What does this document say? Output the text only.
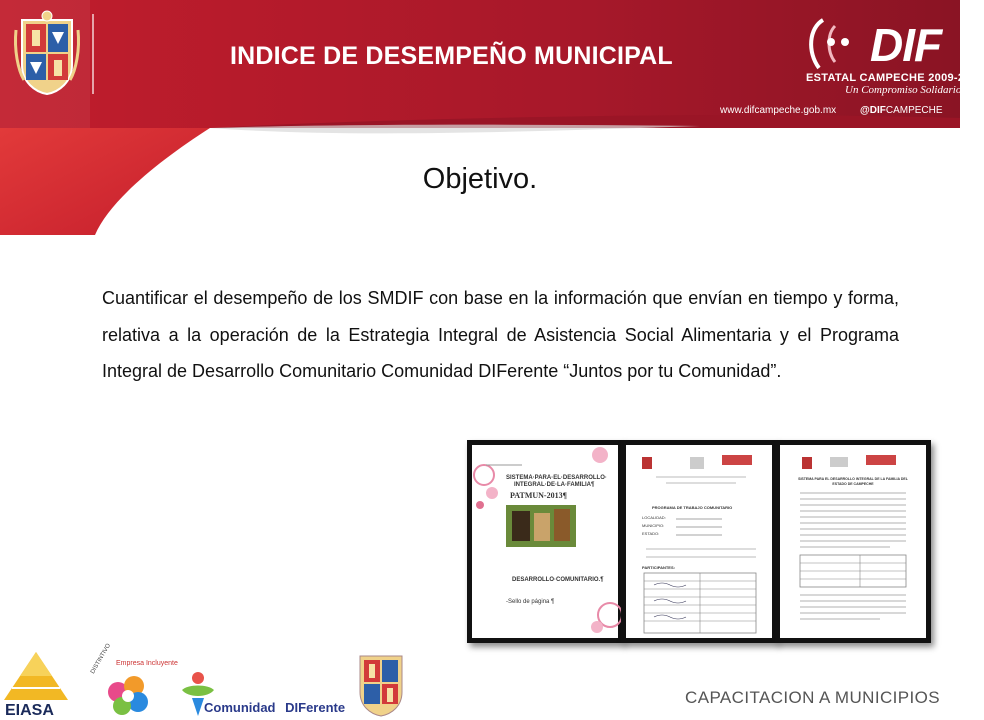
INDICE DE DESEMPEÑO MUNICIPAL	DIF
ESTATAL CAMPECHE 2009-2015
Un Compromiso Solidario
www.difcampeche.gob.mx @DIFCAMPECHE
Objetivo.
Cuantificar el desempeño de los SMDIF con base en la información que envían en tiempo y forma, relativa a la operación de la Estrategia Integral de Asistencia Social Alimentaria y el Programa Integral de Desarrollo Comunitario Comunidad DIFerente “Juntos por tu Comunidad”.
SISTEMA·PARA·EL·DESARROLLO·
INTEGRAL·DE·LA·FAMILIA¶
PATMUN-2013¶
DESARROLLO·COMUNITARIO.¶
-Sello de página ¶
PROGRAMA DE TRABAJO COMUNITARIO
LOCALIDAD:
MUNICIPIO:
ESTADO:
PARTICIPANTES:
SISTEMA PARA EL DESARROLLO INTEGRAL DE LA FAMILIA DEL ESTADO DE CAMPECHE
EIASA
DISTINTIVO Empresa Incluyente
Comunidad DIFerente
CAPACITACION A MUNICIPIOS
